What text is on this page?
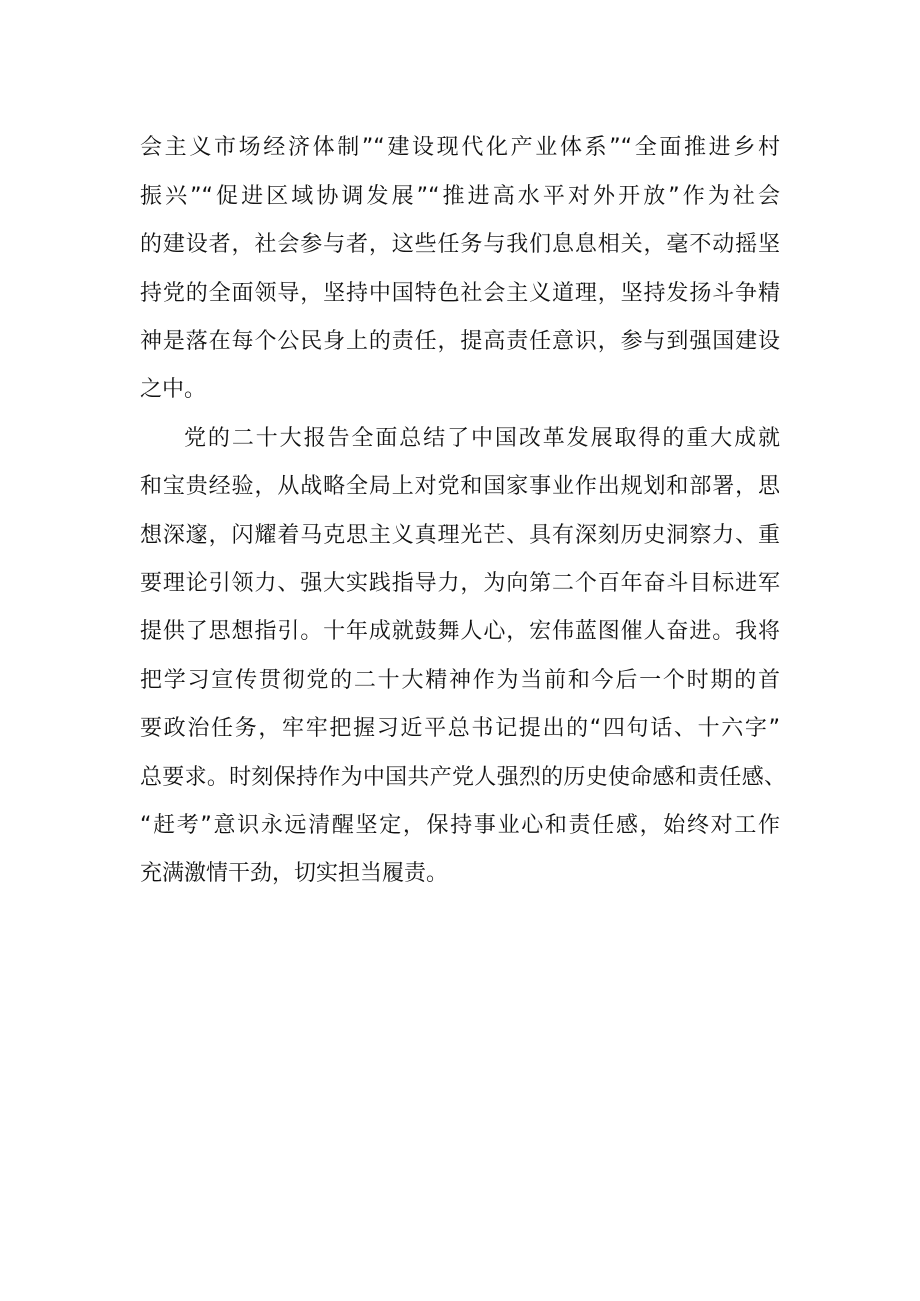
会主义市场经济体制”“建设现代化产业体系”“全面推进乡村
振兴”“促进区域协调发展”“推进高水平对外开放”作为社会
的建设者，社会参与者，这些任务与我们息息相关，毫不动摇坚
持党的全面领导，坚持中国特色社会主义道理，坚持发扬斗争精
神是落在每个公民身上的责任，提高责任意识，参与到强国建设
之中。
党的二十大报告全面总结了中国改革发展取得的重大成就
和宝贵经验，从战略全局上对党和国家事业作出规划和部署，思
想深邃，闪耀着马克思主义真理光芒、具有深刻历史洞察力、重
要理论引领力、强大实践指导力，为向第二个百年奋斗目标进军
提供了思想指引。十年成就鼓舞人心，宏伟蓝图催人奋进。我将
把学习宣传贯彻党的二十大精神作为当前和今后一个时期的首
要政治任务，牢牢把握习近平总书记提出的“四句话、十六字”
总要求。时刻保持作为中国共产党人强烈的历史使命感和责任感、
“赶考”意识永远清醒坚定，保持事业心和责任感，始终对工作
充满激情干劲，切实担当履责。
